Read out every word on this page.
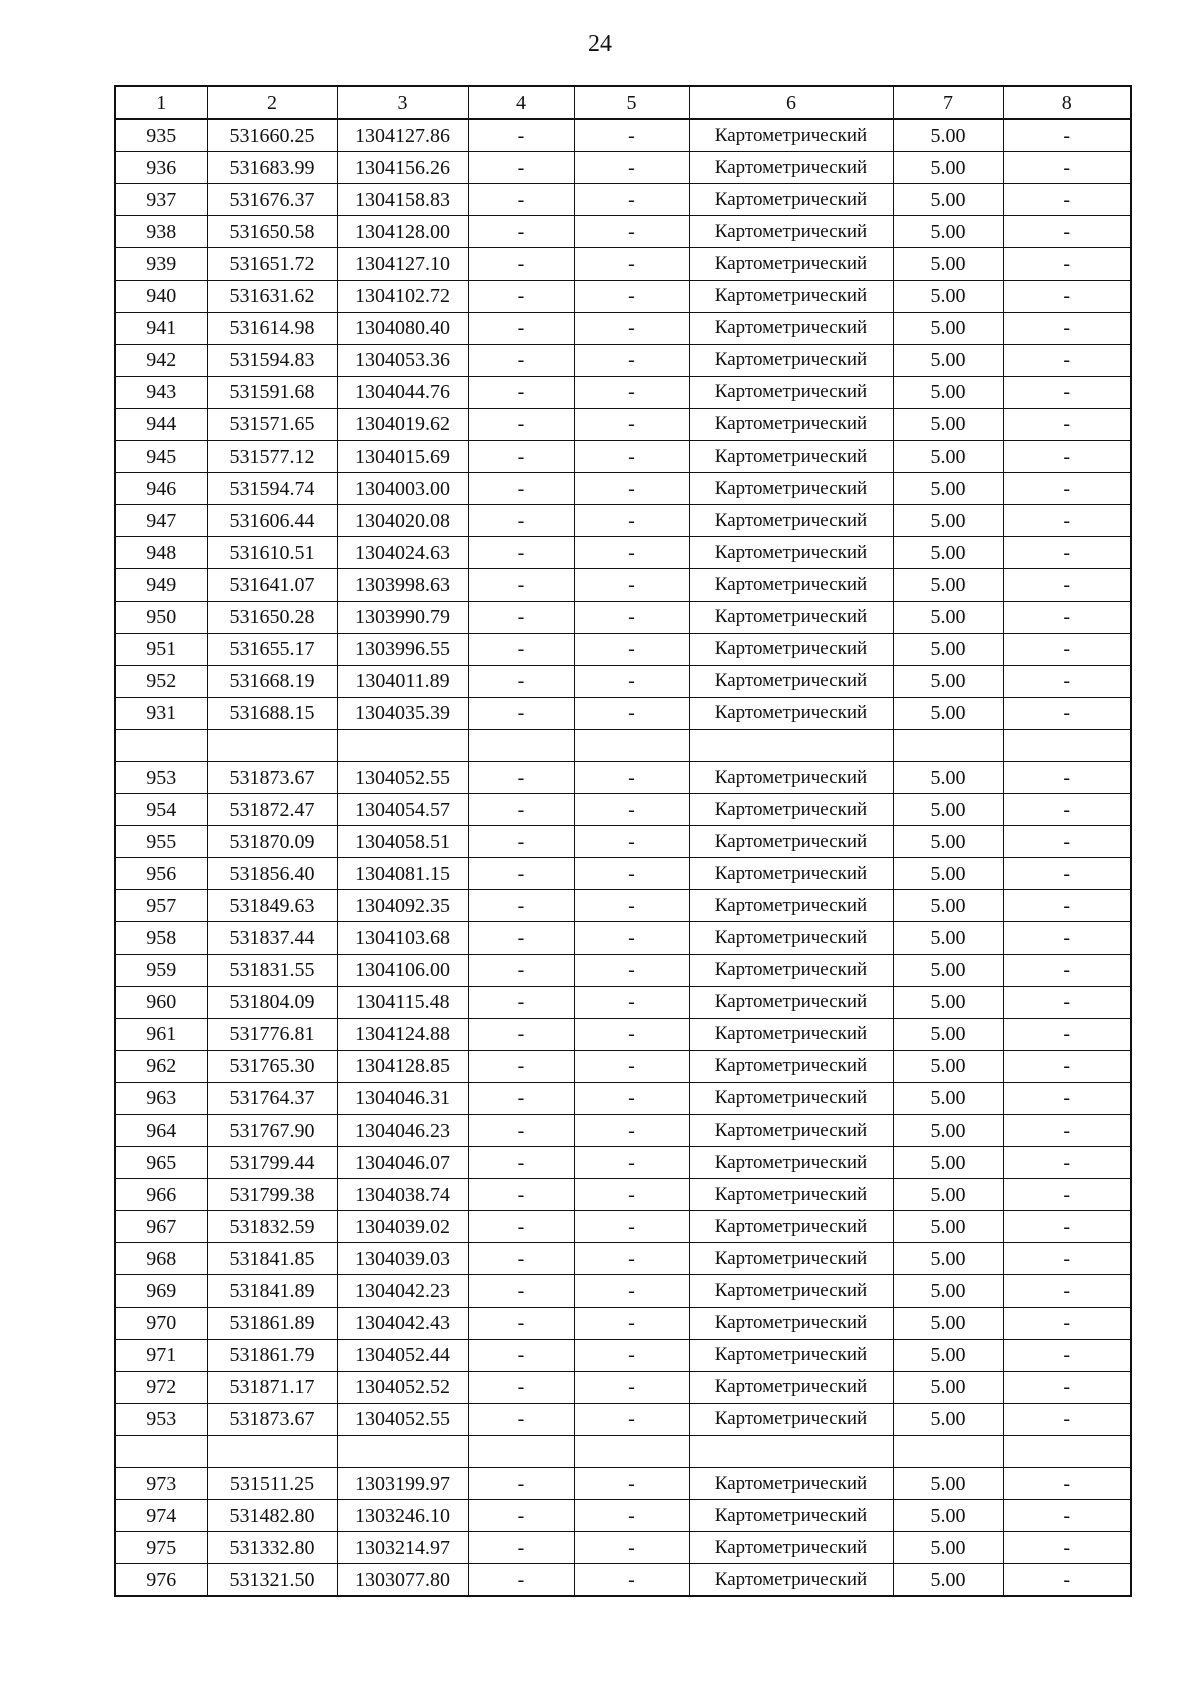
24
1	2	3	4	5	6	7	8
935	531660.25	1304127.86	-	-	Картометрический	5.00	-
936	531683.99	1304156.26	-	-	Картометрический	5.00	-
937	531676.37	1304158.83	-	-	Картометрический	5.00	-
938	531650.58	1304128.00	-	-	Картометрический	5.00	-
939	531651.72	1304127.10	-	-	Картометрический	5.00	-
940	531631.62	1304102.72	-	-	Картометрический	5.00	-
941	531614.98	1304080.40	-	-	Картометрический	5.00	-
942	531594.83	1304053.36	-	-	Картометрический	5.00	-
943	531591.68	1304044.76	-	-	Картометрический	5.00	-
944	531571.65	1304019.62	-	-	Картометрический	5.00	-
945	531577.12	1304015.69	-	-	Картометрический	5.00	-
946	531594.74	1304003.00	-	-	Картометрический	5.00	-
947	531606.44	1304020.08	-	-	Картометрический	5.00	-
948	531610.51	1304024.63	-	-	Картометрический	5.00	-
949	531641.07	1303998.63	-	-	Картометрический	5.00	-
950	531650.28	1303990.79	-	-	Картометрический	5.00	-
951	531655.17	1303996.55	-	-	Картометрический	5.00	-
952	531668.19	1304011.89	-	-	Картометрический	5.00	-
931	531688.15	1304035.39	-	-	Картометрический	5.00	-

953	531873.67	1304052.55	-	-	Картометрический	5.00	-
954	531872.47	1304054.57	-	-	Картометрический	5.00	-
955	531870.09	1304058.51	-	-	Картометрический	5.00	-
956	531856.40	1304081.15	-	-	Картометрический	5.00	-
957	531849.63	1304092.35	-	-	Картометрический	5.00	-
958	531837.44	1304103.68	-	-	Картометрический	5.00	-
959	531831.55	1304106.00	-	-	Картометрический	5.00	-
960	531804.09	1304115.48	-	-	Картометрический	5.00	-
961	531776.81	1304124.88	-	-	Картометрический	5.00	-
962	531765.30	1304128.85	-	-	Картометрический	5.00	-
963	531764.37	1304046.31	-	-	Картометрический	5.00	-
964	531767.90	1304046.23	-	-	Картометрический	5.00	-
965	531799.44	1304046.07	-	-	Картометрический	5.00	-
966	531799.38	1304038.74	-	-	Картометрический	5.00	-
967	531832.59	1304039.02	-	-	Картометрический	5.00	-
968	531841.85	1304039.03	-	-	Картометрический	5.00	-
969	531841.89	1304042.23	-	-	Картометрический	5.00	-
970	531861.89	1304042.43	-	-	Картометрический	5.00	-
971	531861.79	1304052.44	-	-	Картометрический	5.00	-
972	531871.17	1304052.52	-	-	Картометрический	5.00	-
953	531873.67	1304052.55	-	-	Картометрический	5.00	-

973	531511.25	1303199.97	-	-	Картометрический	5.00	-
974	531482.80	1303246.10	-	-	Картометрический	5.00	-
975	531332.80	1303214.97	-	-	Картометрический	5.00	-
976	531321.50	1303077.80	-	-	Картометрический	5.00	-
